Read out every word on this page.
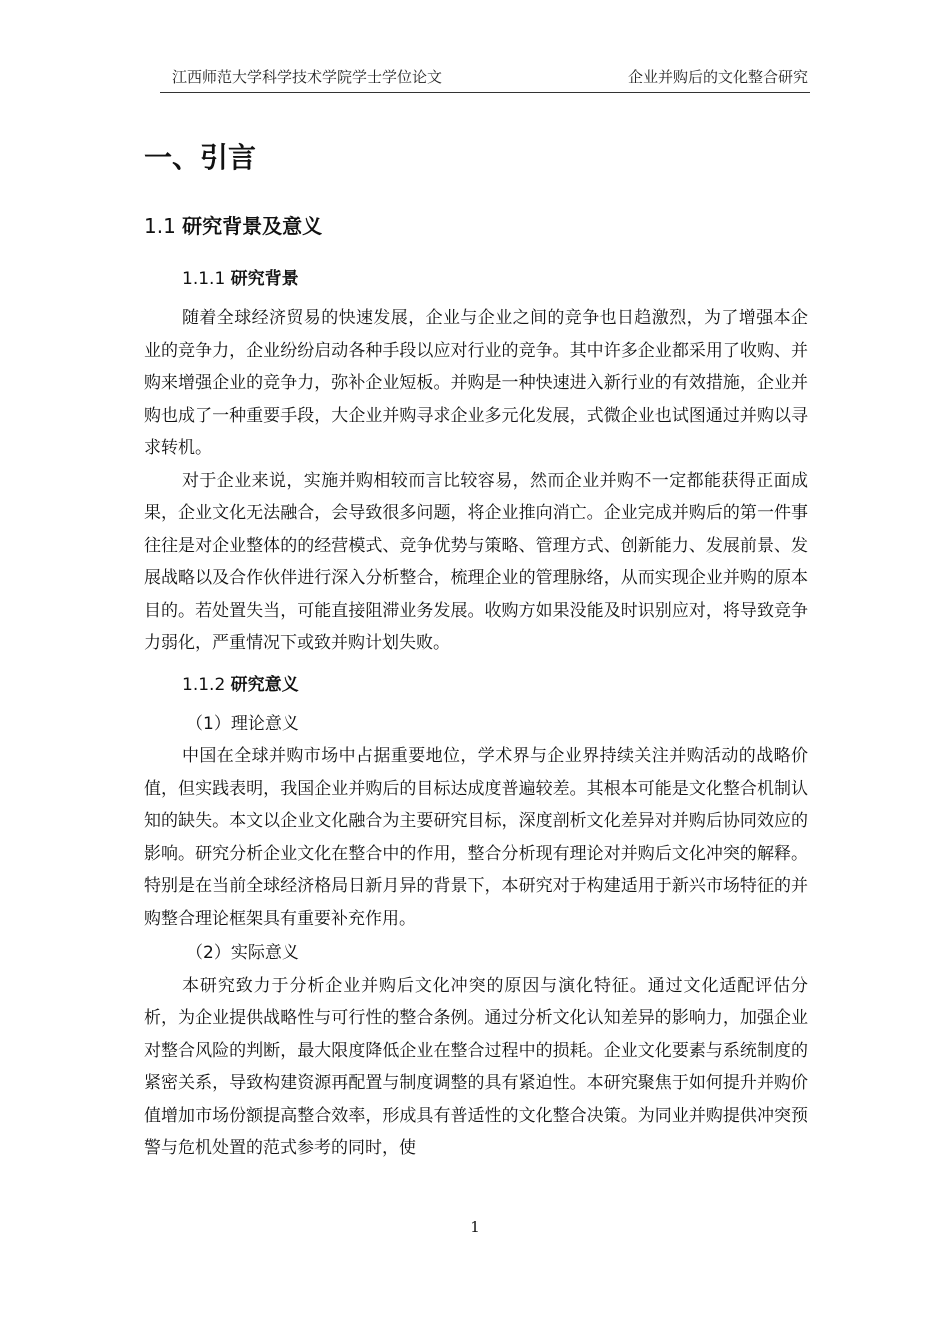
江西师范大学科学技术学院学士学位论文	企业并购后的文化整合研究
一、引言
1.1 研究背景及意义
1.1.1 研究背景

随着全球经济贸易的快速发展，企业与企业之间的竞争也日趋激烈，为了增强本企业的竞争力，企业纷纷启动各种手段以应对行业的竞争。其中许多企业都采用了收购、并购来增强企业的竞争力，弥补企业短板。并购是一种快速进入新行业的有效措施，企业并购也成了一种重要手段，大企业并购寻求企业多元化发展，式微企业也试图通过并购以寻求转机。

对于企业来说，实施并购相较而言比较容易，然而企业并购不一定都能获得正面成果，企业文化无法融合，会导致很多问题，将企业推向消亡。企业完成并购后的第一件事往往是对企业整体的的经营模式、竞争优势与策略、管理方式、创新能力、发展前景、发展战略以及合作伙伴进行深入分析整合，梳理企业的管理脉络，从而实现企业并购的原本目的。若处置失当，可能直接阻滞业务发展。收购方如果没能及时识别应对，将导致竞争力弱化，严重情况下或致并购计划失败。

1.1.2 研究意义

（1）理论意义

中国在全球并购市场中占据重要地位，学术界与企业界持续关注并购活动的战略价值，但实践表明，我国企业并购后的目标达成度普遍较差。其根本可能是文化整合机制认知的缺失。本文以企业文化融合为主要研究目标，深度剖析文化差异对并购后协同效应的影响。研究分析企业文化在整合中的作用，整合分析现有理论对并购后文化冲突的解释。特别是在当前全球经济格局日新月异的背景下，本研究对于构建适用于新兴市场特征的并购整合理论框架具有重要补充作用。

（2）实际意义

本研究致力于分析企业并购后文化冲突的原因与演化特征。通过文化适配评估分析，为企业提供战略性与可行性的整合条例。通过分析文化认知差异的影响力，加强企业对整合风险的判断，最大限度降低企业在整合过程中的损耗。企业文化要素与系统制度的紧密关系，导致构建资源再配置与制度调整的具有紧迫性。本研究聚焦于如何提升并购价值增加市场份额提高整合效率，形成具有普适性的文化整合决策。为同业并购提供冲突预警与危机处置的范式参考的同时，使

1
